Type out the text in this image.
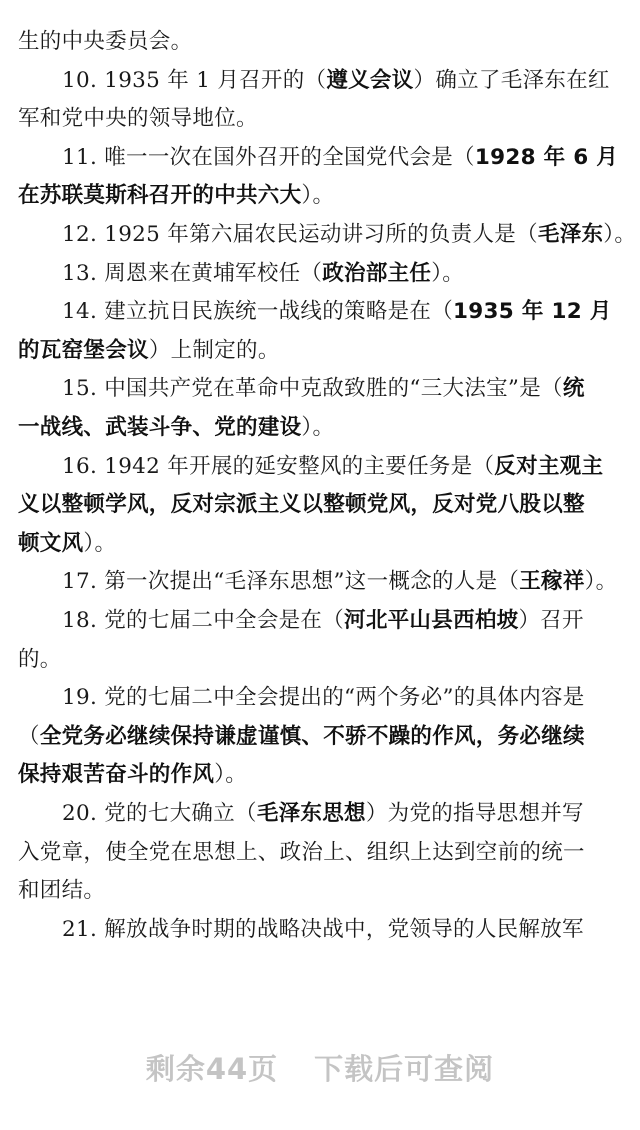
生的中央委员会。
10. 1935 年 1 月召开的（遵义会议）确立了毛泽东在红
军和党中央的领导地位。
11. 唯一一次在国外召开的全国党代会是（1928 年 6 月
在苏联莫斯科召开的中共六大）。
12. 1925 年第六届农民运动讲习所的负责人是（毛泽东）。
13. 周恩来在黄埔军校任（政治部主任）。
14. 建立抗日民族统一战线的策略是在（1935 年 12 月
的瓦窑堡会议）上制定的。
15. 中国共产党在革命中克敌致胜的“三大法宝”是（统
一战线、武装斗争、党的建设）。
16. 1942 年开展的延安整风的主要任务是（反对主观主
义以整顿学风，反对宗派主义以整顿党风，反对党八股以整
顿文风）。
17. 第一次提出“毛泽东思想”这一概念的人是（王稼祥）。
18. 党的七届二中全会是在（河北平山县西柏坡）召开
的。
19. 党的七届二中全会提出的“两个务必”的具体内容是
（全党务必继续保持谦虚谨慎、不骄不躁的作风，务必继续
保持艰苦奋斗的作风）。
20. 党的七大确立（毛泽东思想）为党的指导思想并写
入党章，使全党在思想上、政治上、组织上达到空前的统一
和团结。
21. 解放战争时期的战略决战中，党领导的人民解放军
剩余44页 下载后可查阅
